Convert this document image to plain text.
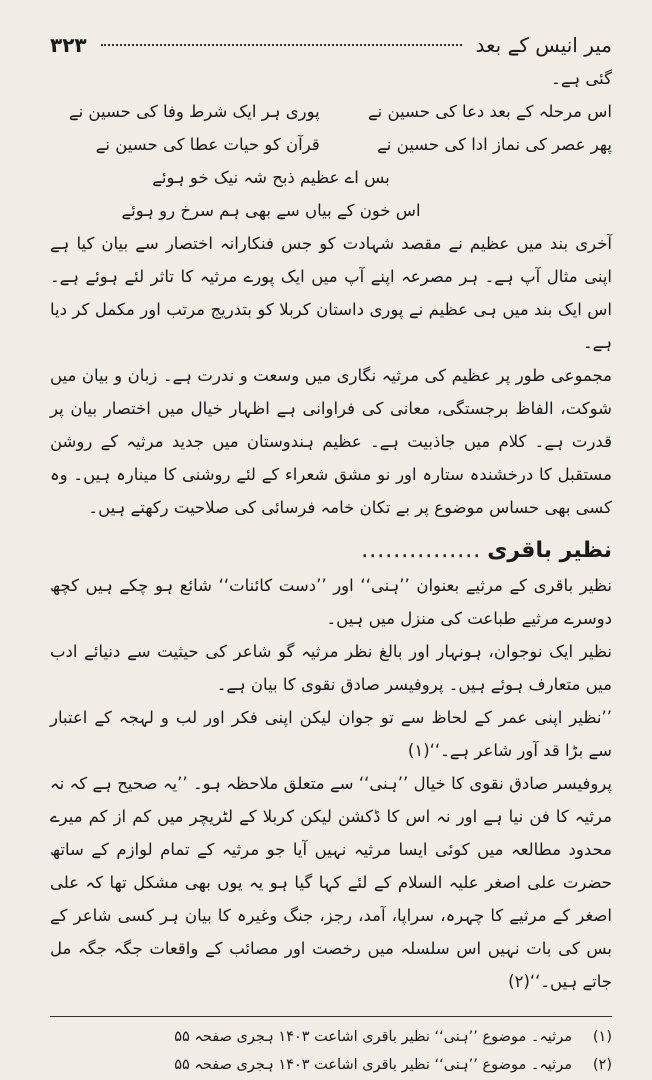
میر انیس کے بعد
۳۲۳

گئی ہے۔

اس مرحلہ کے بعد دعا کی حسین نے
پوری ہر ایک شرط وفا کی حسین نے
پھر عصر کی نماز ادا کی حسین نے
قرآن کو حیات عطا کی حسین نے

بس اے عظیم ذبح شہ نیک خو ہوئے

اس خون کے بیاں سے بھی ہم سرخ رو ہوئے

آخری بند میں عظیم نے مقصد شہادت کو جس فنکارانہ اختصار سے بیان کیا ہے اپنی مثال آپ ہے۔ ہر مصرعہ اپنے آپ میں ایک پورے مرثیہ کا تاثر لئے ہوئے ہے۔ اس ایک بند میں ہی عظیم نے پوری داستان کربلا کو بتدریج مرتب اور مکمل کر دیا ہے۔

مجموعی طور پر عظیم کی مرثیہ نگاری میں وسعت و ندرت ہے۔ زبان و بیان میں شوکت، الفاظ برجستگی، معانی کی فراوانی ہے اظہار خیال میں اختصار بیان پر قدرت ہے۔ کلام میں جاذبیت ہے۔ عظیم ہندوستان میں جدید مرثیہ کے روشن مستقبل کا درخشندہ ستارہ اور نو مشق شعراء کے لئے روشنی کا مینارہ ہیں۔ وہ کسی بھی حساس موضوع پر بے تکان خامہ فرسائی کی صلاحیت رکھتے ہیں۔

نظیر باقری
...............

نظیر باقری کے مرثیے بعنوان ’’ہنی‘‘ اور ’’دست کائنات‘‘ شائع ہو چکے ہیں کچھ دوسرے مرثیے طباعت کی منزل میں ہیں۔

نظیر ایک نوجوان، ہونہار اور بالغ نظر مرثیہ گو شاعر کی حیثیت سے دنیائے ادب میں متعارف ہوئے ہیں۔ پروفیسر صادق نقوی کا بیان ہے۔

’’نظیر اپنی عمر کے لحاظ سے تو جوان لیکن اپنی فکر اور لب و لہجہ کے اعتبار سے بڑا قد آور شاعر ہے۔‘‘(۱)

پروفیسر صادق نقوی کا خیال ’’ہنی‘‘ سے متعلق ملاحظہ ہو۔ ’’یہ صحیح ہے کہ نہ مرثیہ کا فن نیا ہے اور نہ اس کا ڈکشن لیکن کربلا کے لٹریچر میں کم از کم میرے محدود مطالعہ میں کوئی ایسا مرثیہ نہیں آیا جو مرثیہ کے تمام لوازم کے ساتھ حضرت علی اصغر علیہ السلام کے لئے کہا گیا ہو یہ یوں بھی مشکل تھا کہ علی اصغر کے مرثیے کا چہرہ، سراپا، آمد، رجز، جنگ وغیرہ کا بیان ہر کسی شاعر کے بس کی بات نہیں اس سلسلہ میں رخصت اور مصائب کے واقعات جگہ جگہ مل جاتے ہیں۔‘‘(۲)

(۱)
مرثیہ۔ موضوع ’’ہنی‘‘ نظیر باقری اشاعت ۱۴۰۳ ہجری صفحہ ۵۵
(۲)
مرثیہ۔ موضوع ’’ہنی‘‘ نظیر باقری اشاعت ۱۴۰۳ ہجری صفحہ ۵۵
